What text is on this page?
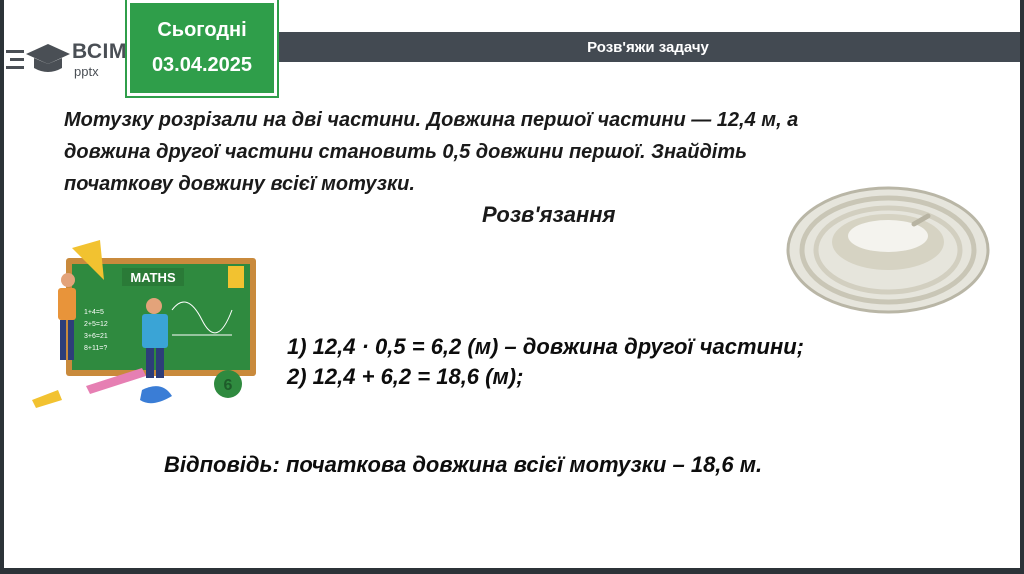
Розв'яжи задачу
Сьогодні
03.04.2025
ВСІМ
pptx
Мотузку розрізали на дві частини. Довжина першої частини — 12,4 м, а
довжина другої частини становить 0,5 довжини першої. Знайдіть
початкову довжину всієї мотузки.
Розв'язання
MATHS
1+4=5
2+5=12
3+6=21
8+11=?
6
1) 12,4 · 0,5 = 6,2 (м) – довжина другої частини;
2) 12,4 + 6,2 = 18,6 (м);
Відповідь: початкова довжина всієї мотузки – 18,6 м.
